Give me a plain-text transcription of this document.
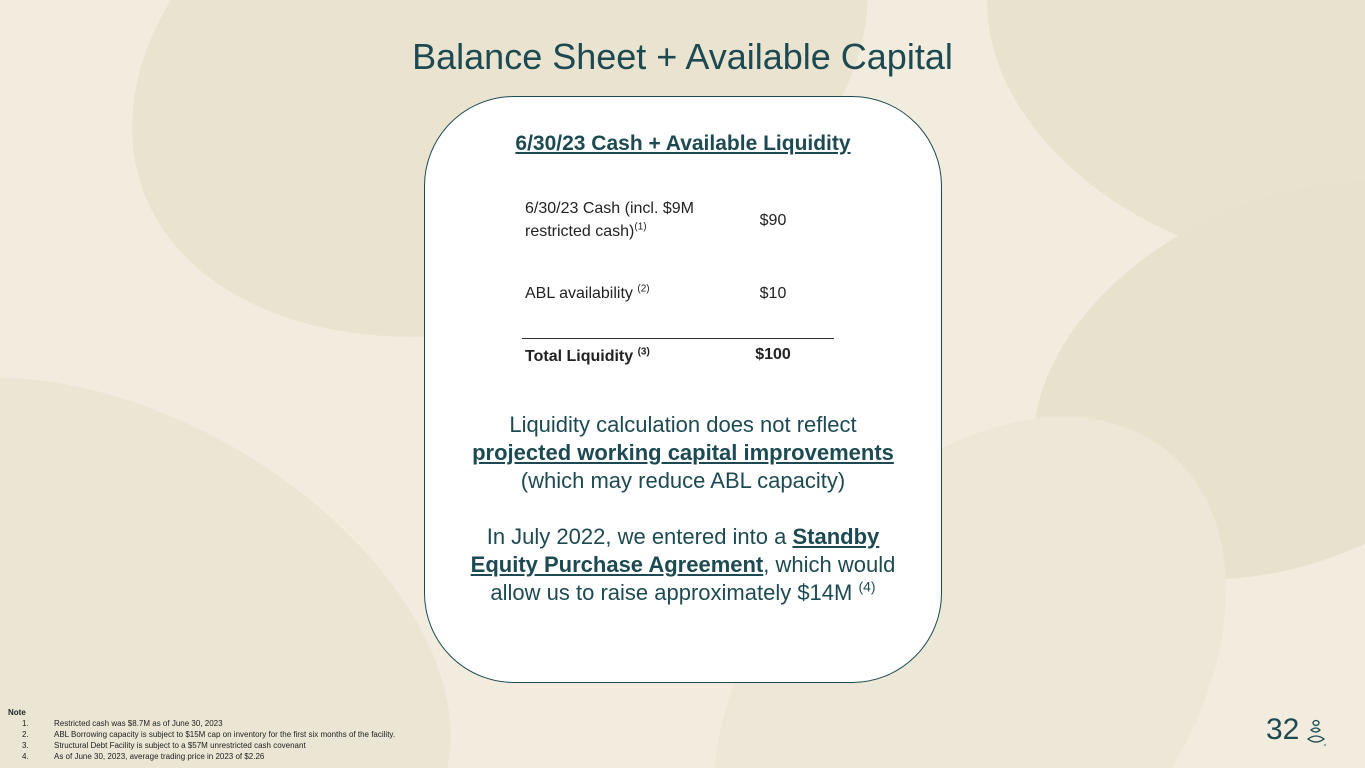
Balance Sheet + Available Capital
6/30/23 Cash + Available Liquidity
6/30/23 Cash (incl. $9M
restricted cash)$^{(1)}$	$90
ABL availability $^{(2)}$	$10
Total Liquidity $^{(3)}$	$100
Liquidity calculation does not reflect
projected working capital improvements
(which may reduce ABL capacity)
In July 2022, we entered into a Standby
Equity Purchase Agreement, which would
allow us to raise approximately $14M $^{(4)}$
Note
1.	Restricted cash was $8.7M as of June 30, 2023
2.	ABL Borrowing capacity is subject to $15M cap on inventory for the first six months of the facility.
3.	Structural Debt Facility is subject to a $57M unrestricted cash covenant
4.	As of June 30, 2023, average trading price in 2023 of $2.26
32
